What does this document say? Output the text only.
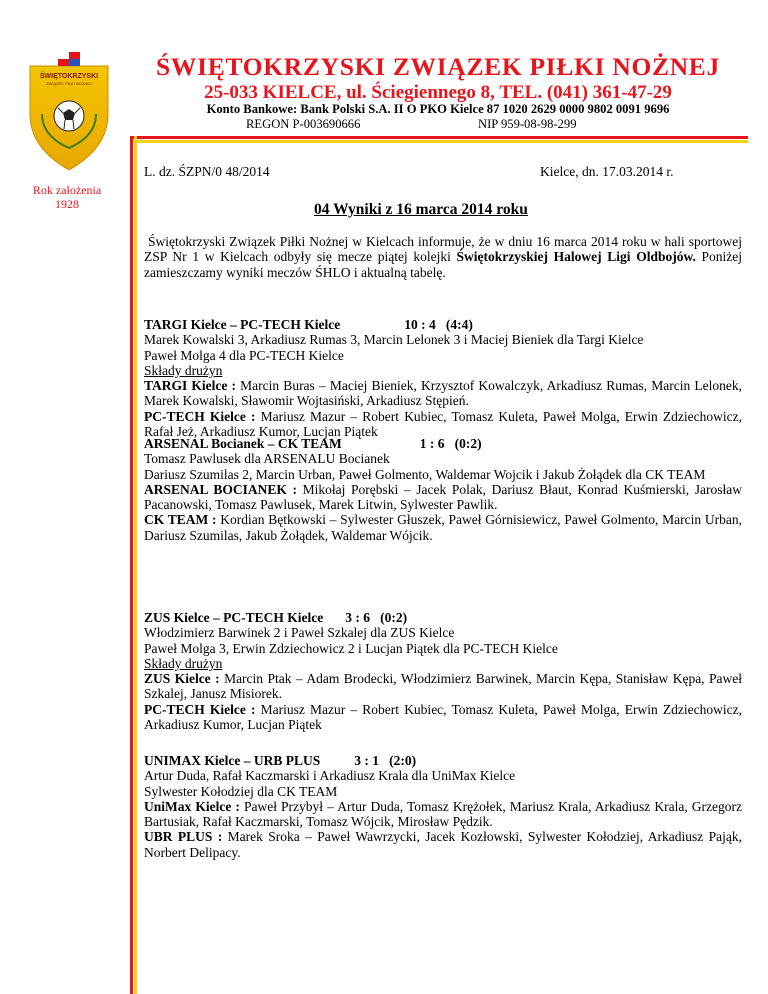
ŚWIĘTOKRZYSKI
ZWIĄZEK PIŁKI NOŻNEJ
ŚWIĘTOKRZYSKI ZWIĄZEK PIŁKI NOŻNEJ
25-033 KIELCE, ul. Ściegiennego 8, TEL. (041) 361-47-29
Konto Bankowe: Bank Polski S.A. II O PKO Kielce 87 1020 2629 0000 9802 0091 9696
REGON P-003690666	NIP 959-08-98-299
Rok założenia
1928
L. dz. ŚZPN/0 48/2014	Kielce, dn. 17.03.2014 r.
04 Wyniki z 16 marca 2014 roku
Świętokrzyski Związek Piłki Nożnej w Kielcach informuje, że w dniu 16 marca 2014 roku w hali sportowej ZSP Nr 1 w Kielcach odbyły się mecze piątej kolejki Świętokrzyskiej Halowej Ligi Oldbojów. Poniżej zamieszczamy wyniki meczów ŚHLO i aktualną tabelę.
TARGI Kielce – PC-TECH Kielce	10 : 4 (4:4)
Marek Kowalski 3, Arkadiusz Rumas 3, Marcin Lelonek 3 i Maciej Bieniek dla Targi Kielce
Paweł Molga 4 dla PC-TECH Kielce
Składy drużyn
TARGI Kielce : Marcin Buras – Maciej Bieniek, Krzysztof Kowalczyk, Arkadiusz Rumas, Marcin Lelonek, Marek Kowalski, Sławomir Wojtasiński, Arkadiusz Stępień.
PC-TECH Kielce : Mariusz Mazur – Robert Kubiec, Tomasz Kuleta, Paweł Molga, Erwin Zdziechowicz, Rafał Jeż, Arkadiusz Kumor, Lucjan Piątek
ARSENAL Bocianek – CK TEAM	1 : 6 (0:2)
Tomasz Pawlusek dla ARSENALU Bocianek
Dariusz Szumilas 2, Marcin Urban, Paweł Golmento, Waldemar Wojcik i Jakub Żołądek dla CK TEAM
ARSENAL BOCIANEK : Mikołaj Porębski – Jacek Polak, Dariusz Błaut, Konrad Kuśmierski, Jarosław Pacanowski, Tomasz Pawlusek, Marek Litwin, Sylwester Pawlik.
CK TEAM : Kordian Bętkowski – Sylwester Głuszek, Paweł Górnisiewicz, Paweł Golmento, Marcin Urban, Dariusz Szumilas, Jakub Żołądek, Waldemar Wójcik.
ZUS Kielce – PC-TECH Kielce 3 : 6 (0:2)
Włodzimierz Barwinek 2 i Paweł Szkalej dla ZUS Kielce
Paweł Molga 3, Erwin Zdziechowicz 2 i Lucjan Piątek dla PC-TECH Kielce
Składy drużyn
ZUS Kielce : Marcin Ptak – Adam Brodecki, Włodzimierz Barwinek, Marcin Kępa, Stanisław Kępa, Paweł Szkalej, Janusz Misiorek.
PC-TECH Kielce : Mariusz Mazur – Robert Kubiec, Tomasz Kuleta, Paweł Molga, Erwin Zdziechowicz, Arkadiusz Kumor, Lucjan Piątek
UNIMAX Kielce – URB PLUS	3 : 1 (2:0)
Artur Duda, Rafał Kaczmarski i Arkadiusz Krala dla UniMax Kielce
Sylwester Kołodziej dla CK TEAM
UniMax Kielce : Paweł Przybył – Artur Duda, Tomasz Krężołek, Mariusz Krala, Arkadiusz Krala, Grzegorz Bartusiak, Rafał Kaczmarski, Tomasz Wójcik, Mirosław Pędzik.
UBR PLUS : Marek Sroka – Paweł Wawrzycki, Jacek Kozłowski, Sylwester Kołodziej, Arkadiusz Pająk, Norbert Delipacy.
